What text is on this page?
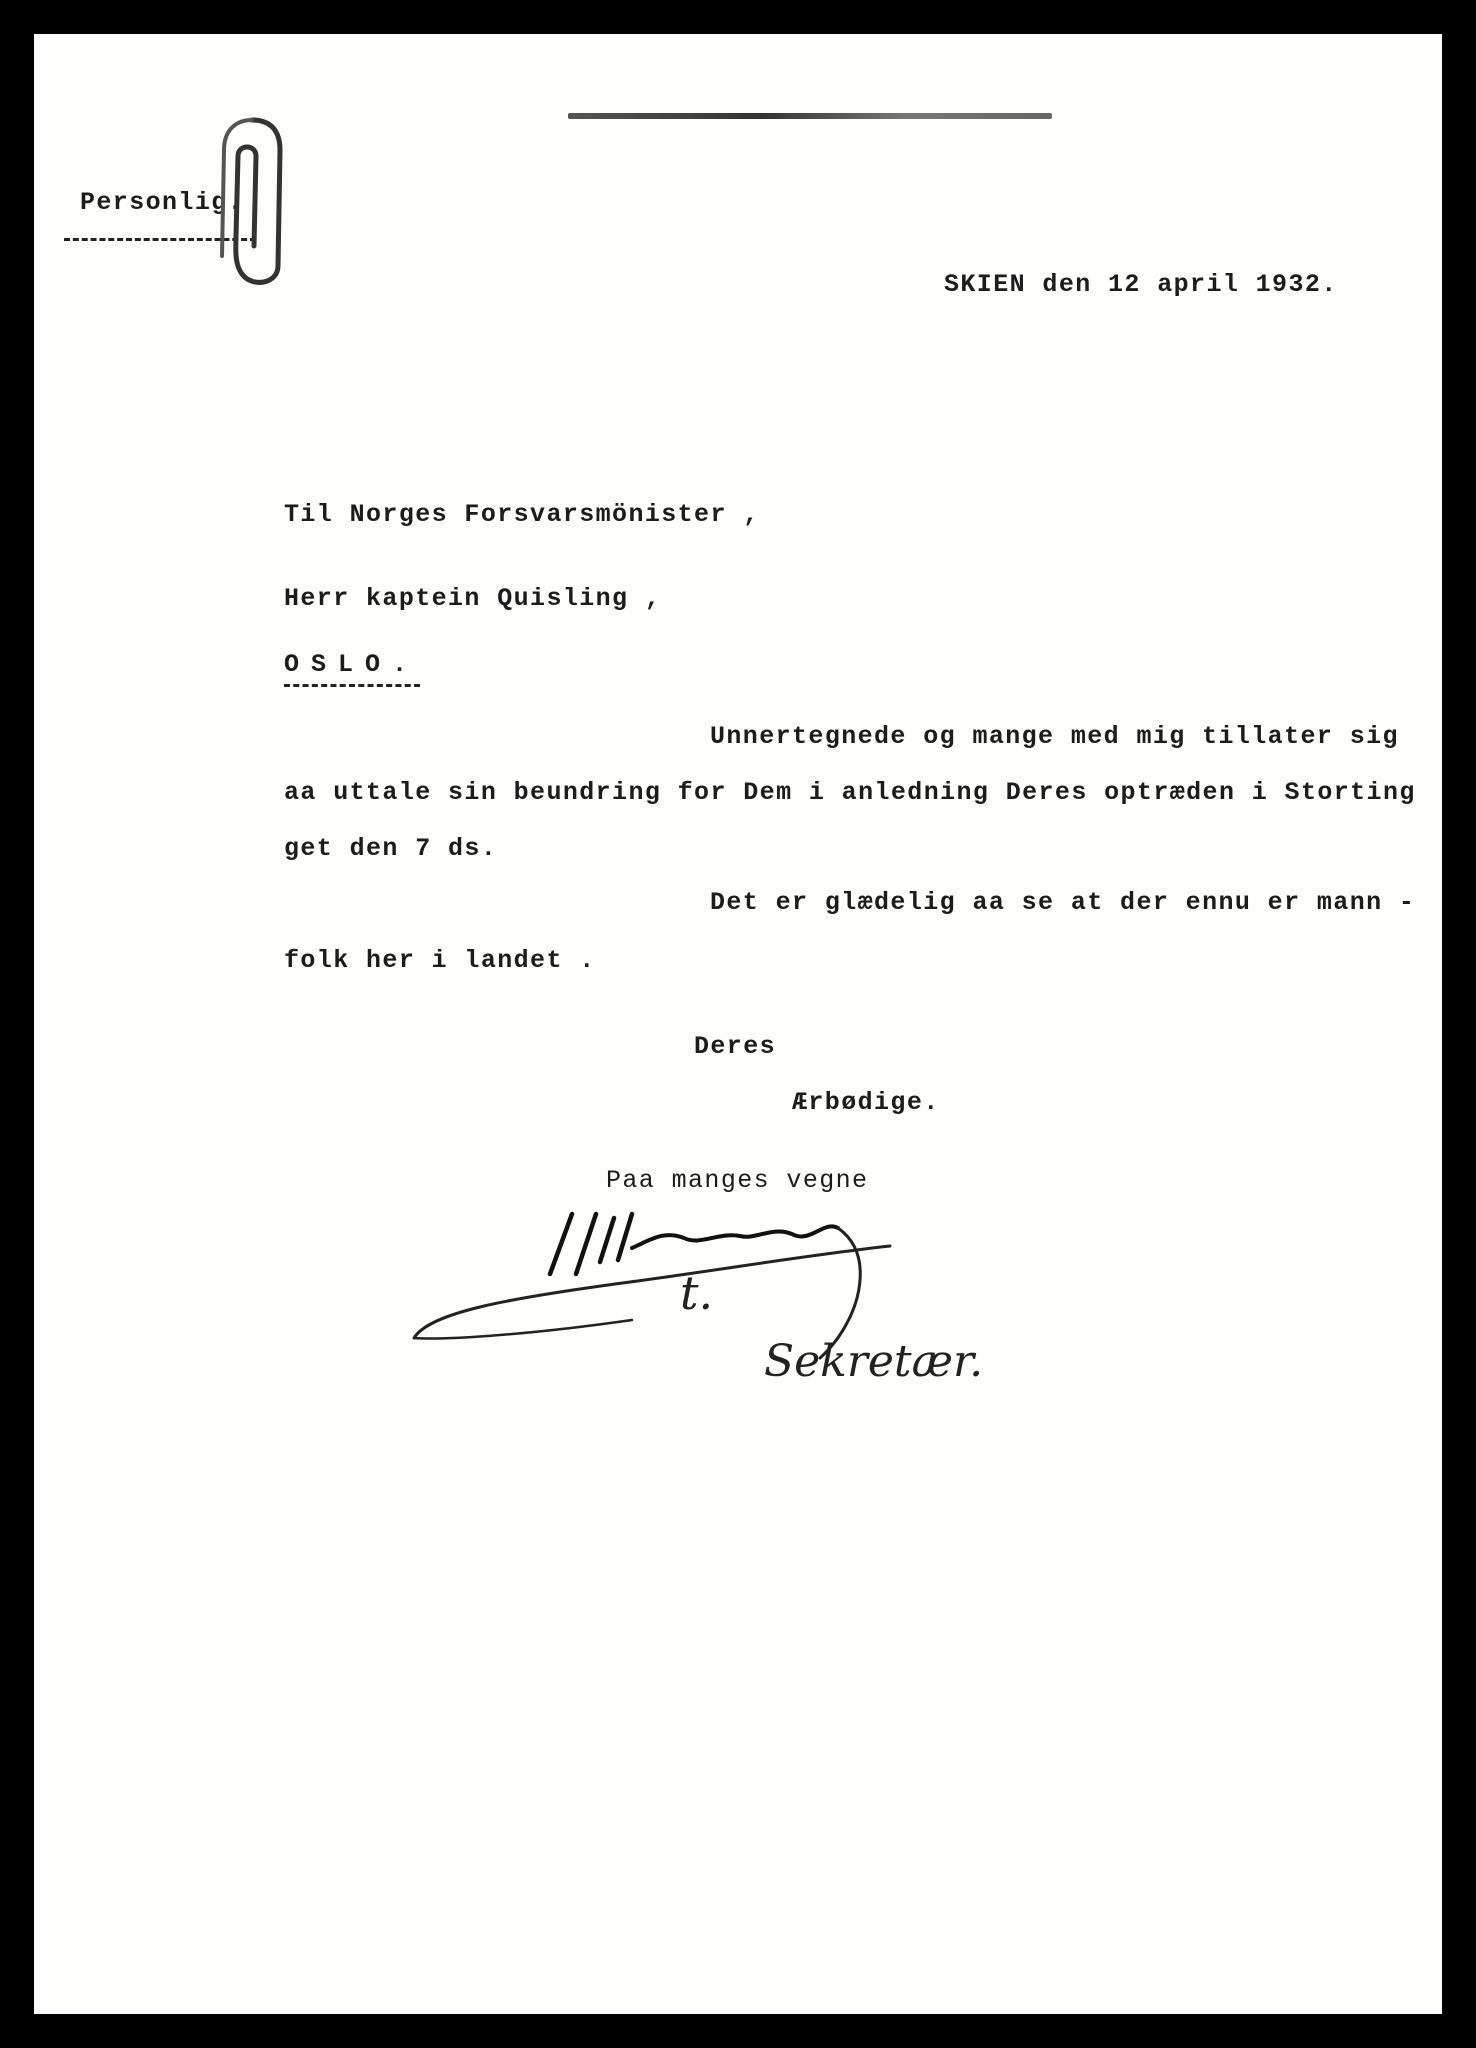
Personlig.
SKIEN den 12 april 1932.
Til Norges Forsvarsmönister ,
Herr kaptein Quisling ,
OSLO.
Unnertegnede og mange med mig tillater sig
aa uttale sin beundring for Dem i anledning Deres optræden i Storting
get den 7 ds.
Det er glædelig aa se at der ennu er mann -
folk her i landet .
Deres
Ærbødige.
Paa manges vegne
t.
Sekretær.
